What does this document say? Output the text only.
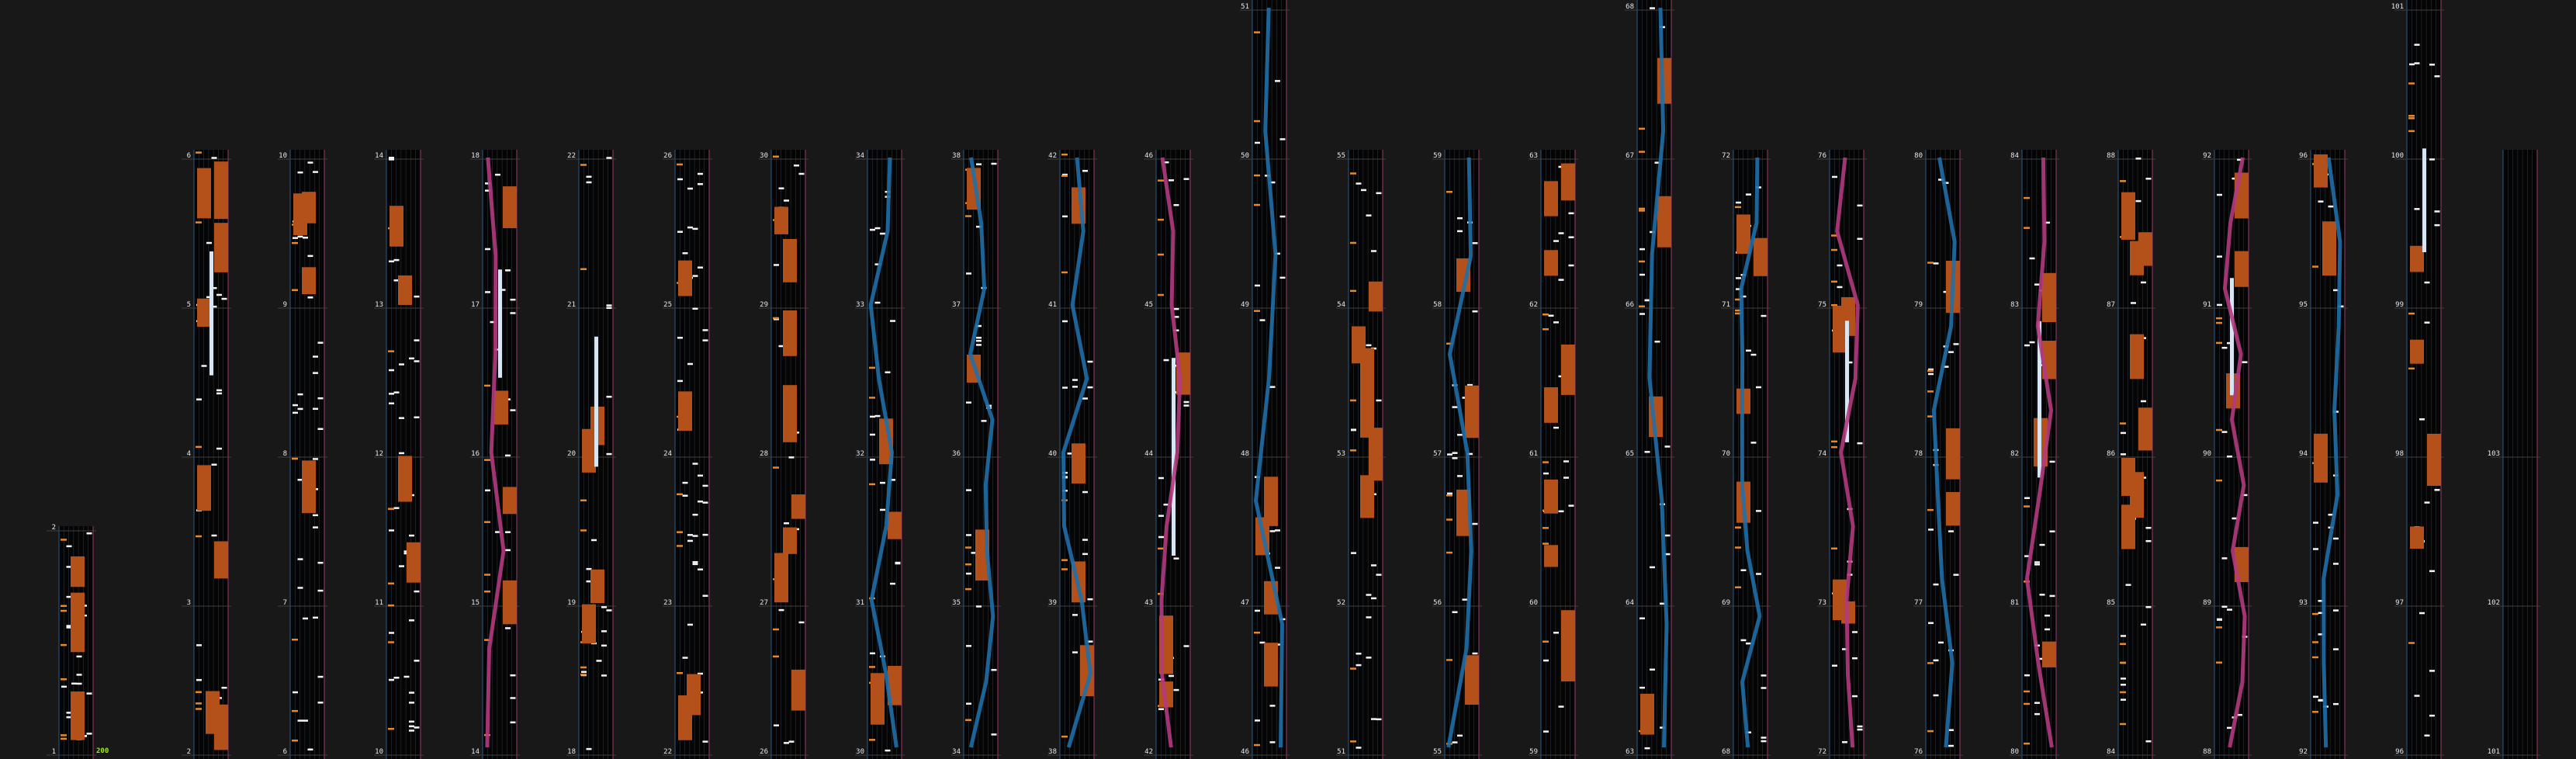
1
2
2
3
4
5
6
6
7
8
9
10
10
11
12
13
14
14
15
16
17
18
18
19
20
21
22
22
23
24
25
26
26
27
28
29
30
30
31
32
33
34
34
35
36
37
38
38
39
40
41
42
42
43
44
45
46
46
47
48
49
50
51
51
52
53
54
55
55
56
57
58
59
59
60
61
62
63
63
64
65
66
67
68
68
69
70
71
72
72
73
74
75
76
76
77
78
79
80
80
81
82
83
84
84
85
86
87
88
88
89
90
91
92
92
93
94
95
96
96
97
98
99
100
101
101
102
103
200
